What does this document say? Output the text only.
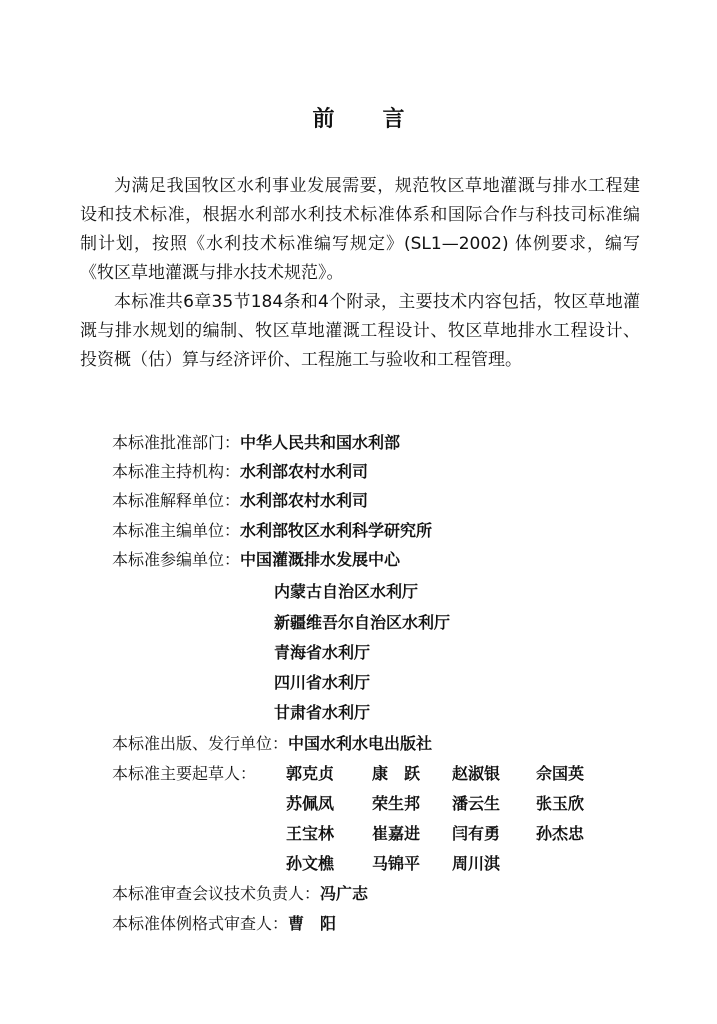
前 言

为满足我国牧区水利事业发展需要，规范牧区草地灌溉与排水工程建设和技术标准，根据水利部水利技术标准体系和国际合作与科技司标准编制计划，按照《水利技术标准编写规定》(SL1—2002) 体例要求，编写《牧区草地灌溉与排水技术规范》。

本标准共6章35节184条和4个附录，主要技术内容包括，牧区草地灌溉与排水规划的编制、牧区草地灌溉工程设计、牧区草地排水工程设计、投资概（估）算与经济评价、工程施工与验收和工程管理。

本标准批准部门：中华人民共和国水利部
本标准主持机构：水利部农村水利司
本标准解释单位：水利部农村水利司
本标准主编单位：水利部牧区水利科学研究所
本标准参编单位：中国灌溉排水发展中心
内蒙古自治区水利厅
新疆维吾尔自治区水利厅
青海省水利厅
四川省水利厅
甘肃省水利厅
本标准出版、发行单位：中国水利水电出版社
本标准主要起草人： 郭克贞 康　跃 赵淑银 佘国英
苏佩凤 荣生邦 潘云生 张玉欣
王宝林 崔嘉进 闫有勇 孙杰忠
孙文樵 马锦平 周川淇
本标准审查会议技术负责人：冯广志
本标准体例格式审查人：曹　阳
